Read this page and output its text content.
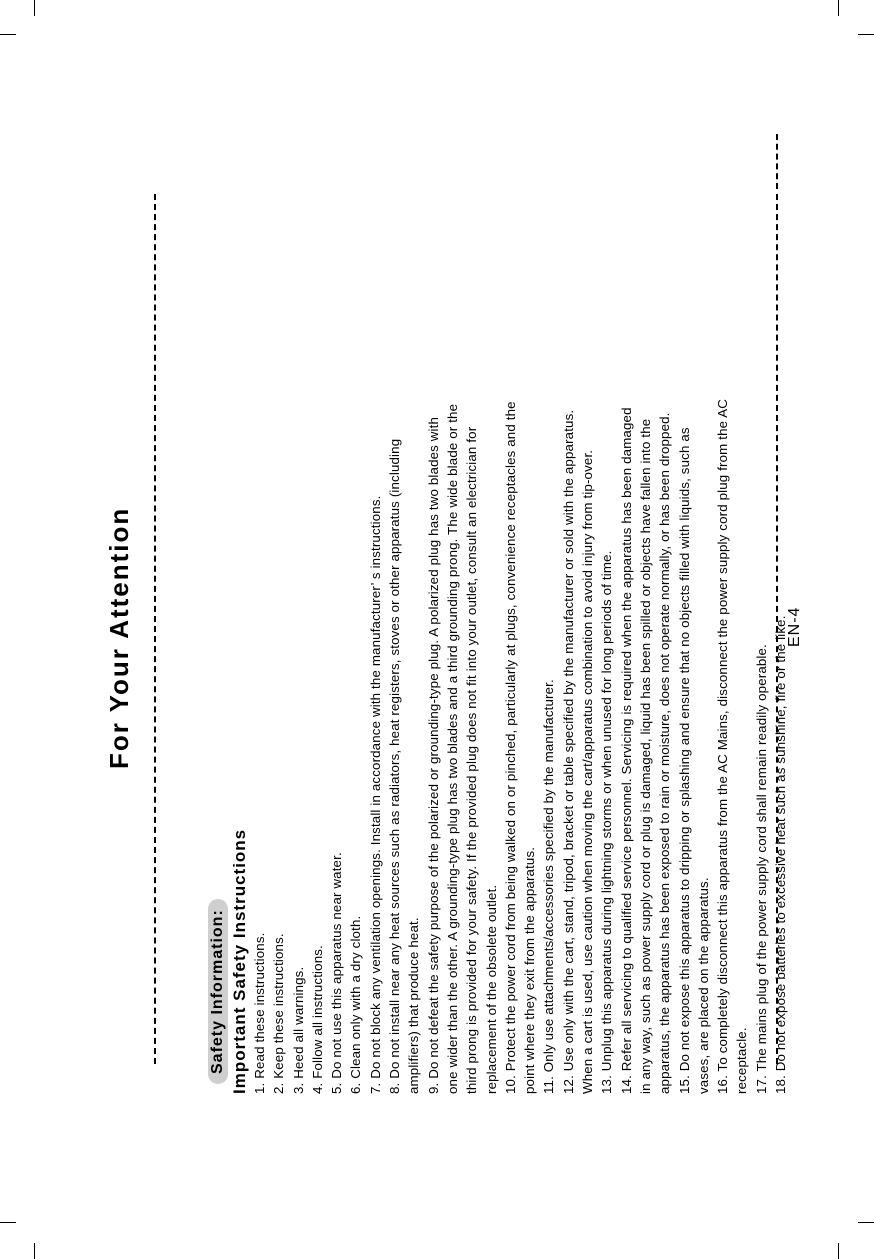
For Your Attention
Safety Information: Important Safety Instructions 1. Read these instructions. 2. Keep these instructions. 3. Heed all warnings. 4. Follow all instructions. 5. Do not use this apparatus near water. 6. Clean only with a dry cloth. 7. Do not block any ventilation openings. Install in accordance with the manufacturer’ s instructions. 8. Do not install near any heat sources such as radiators, heat registers, stoves or other apparatus (including amplifiers) that produce heat. 9. Do not defeat the safety purpose of the polarized or grounding-type plug. A polarized plug has two blades with one wider than the other. A grounding-type plug has two blades and a third grounding prong. The wide blade or the third prong is provided for your safety. If the provided plug does not fit into your outlet, consult an electrician for replacement of the obsolete outlet. 10. Protect the power cord from being walked on or pinched, particularly at plugs, convenience receptacles and the point where they exit from the apparatus. 11. Only use attachments/accessories specified by the manufacturer. 12. Use only with the cart, stand, tripod, bracket or table specified by the manufacturer or sold with the apparatus. When a cart is used, use caution when moving the cart/apparatus combination to avoid injury from tip-over. 13. Unplug this apparatus during lightning storms or when unused for long periods of time. 14. Refer all servicing to qualified service personnel. Servicing is required when the apparatus has been damaged in any way, such as power supply cord or plug is damaged, liquid has been spilled or objects have fallen into the apparatus, the apparatus has been exposed to rain or moisture, does not operate normally, or has been dropped. 15. Do not expose this apparatus to dripping or splashing and ensure that no objects filled with liquids, such as vases, are placed on the apparatus. 16. To completely disconnect this apparatus from the AC Mains, disconnect the power supply cord plug from the AC receptacle. 17. The mains plug of the power supply cord shall remain readily operable. 18. Do not expose batteries to excessive heat such as sunshine, fire or the like.
EN-4
